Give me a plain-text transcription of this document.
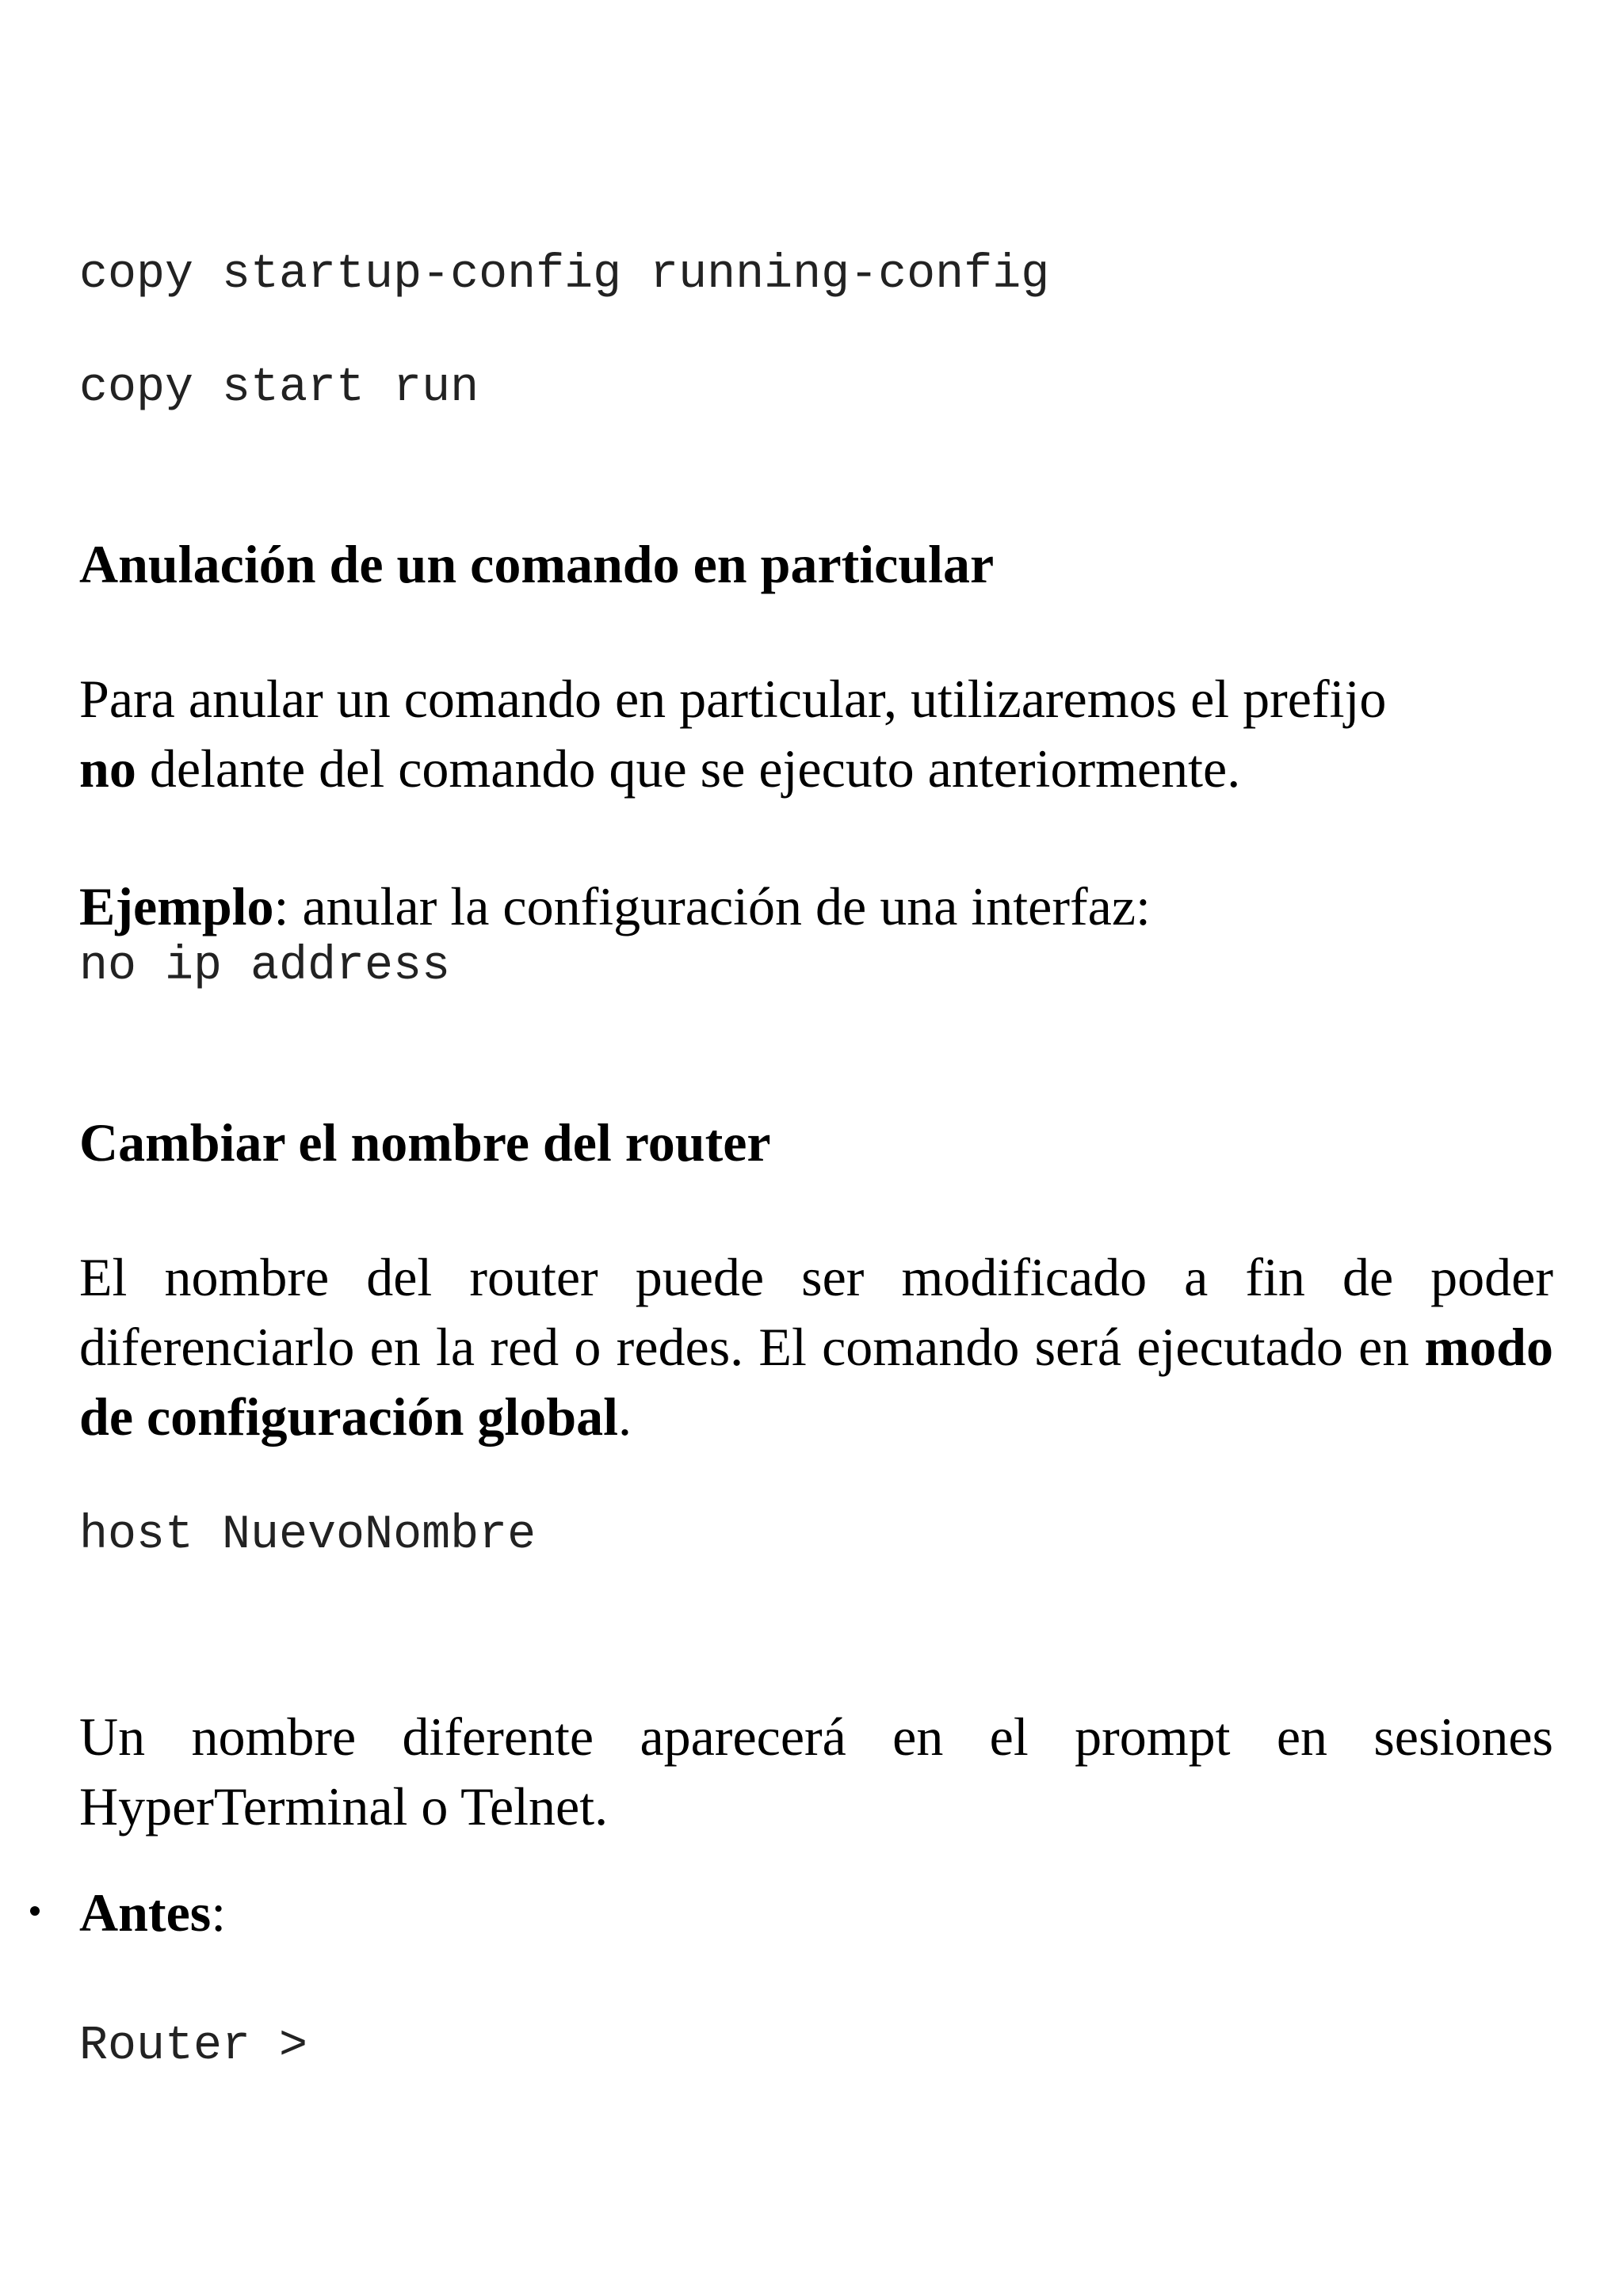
copy startup-config running-config
copy start run
Anulación de un comando en particular

Para anular un comando en particular, utilizaremos el prefijo
no delante del comando que se ejecuto anteriormente.

Ejemplo: anular la configuración de una interfaz:

no ip address
Cambiar el nombre del router

El nombre del router puede ser modificado a fin de poder diferenciarlo en la red o redes. El comando será ejecutado en modo de configuración global.

host NuevoNombre

Un nombre diferente aparecerá en el prompt en sesiones HyperTerminal o Telnet.

Antes:

Router >
